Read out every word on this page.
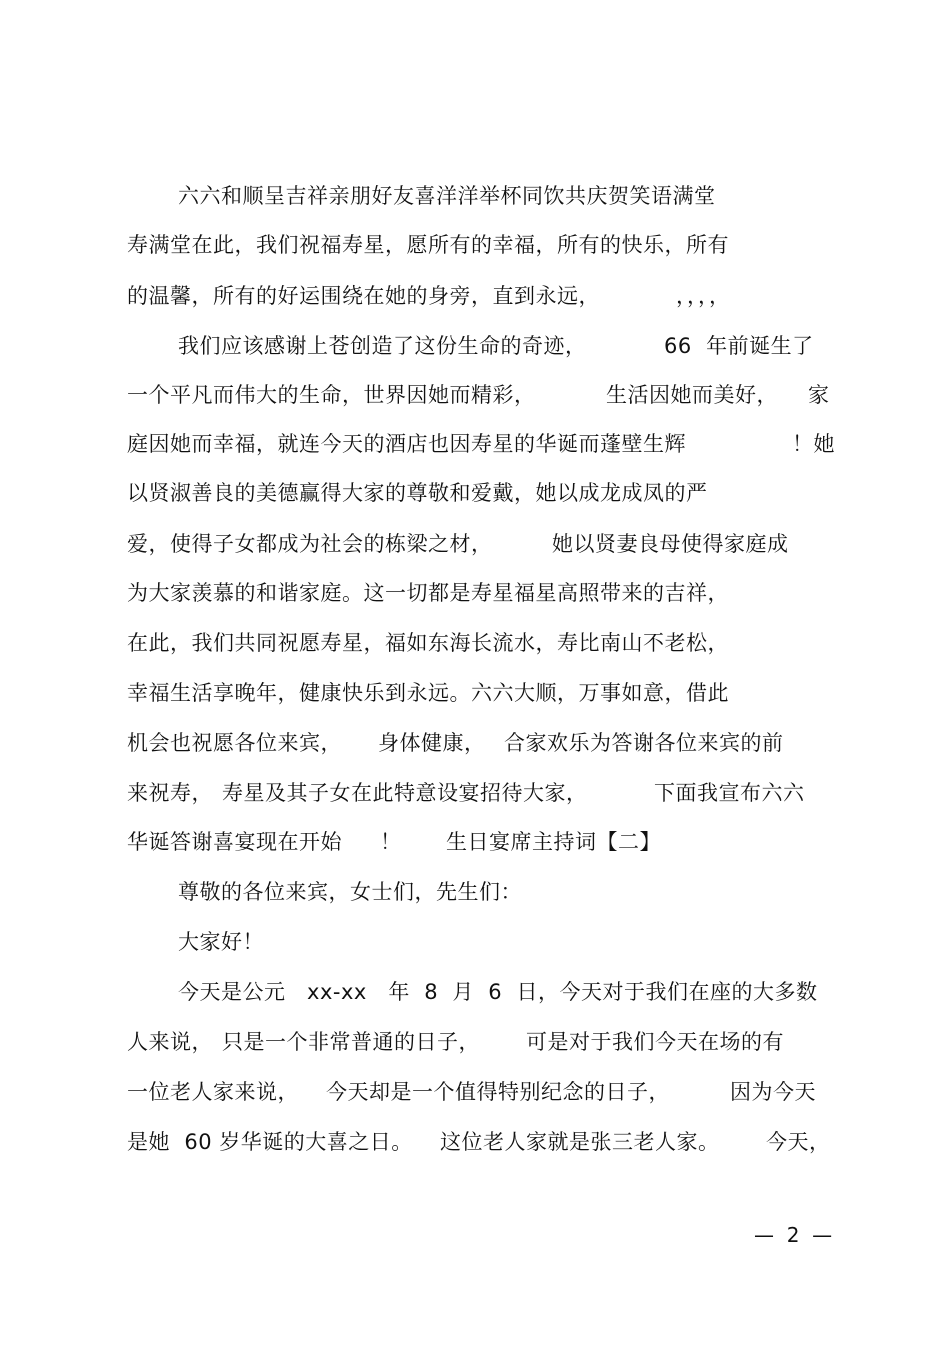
六六和顺呈吉祥亲朋好友喜洋洋举杯同饮共庆贺笑语满堂
寿满堂在此，我们祝福寿星，愿所有的幸福，所有的快乐，所有
的温馨，所有的好运围绕在她的身旁，直到永远，	，，，，
我们应该感谢上苍创造了这份生命的奇迹，	66  年前诞生了
一个平凡而伟大的生命，世界因她而精彩，	生活因她而美好，	家
庭因她而幸福，就连今天的酒店也因寿星的华诞而蓬壁生辉	！她
以贤淑善良的美德赢得大家的尊敬和爱戴，她以成龙成凤的严
爱，使得子女都成为社会的栋梁之材，	她以贤妻良母使得家庭成
为大家羡慕的和谐家庭。这一切都是寿星福星高照带来的吉祥，
在此，我们共同祝愿寿星，福如东海长流水，寿比南山不老松，
幸福生活享晚年，健康快乐到永远。六六大顺，万事如意，借此
机会也祝愿各位来宾，	身体健康， 合家欢乐为答谢各位来宾的前
来祝寿， 寿星及其子女在此特意设宴招待大家，	下面我宣布六六
华诞答谢喜宴现在开始	！	生日宴席主持词【二】
尊敬的各位来宾，女士们，先生们：
大家好！
今天是公元   xx-xx   年  8  月  6  日，今天对于我们在座的大多数
人来说， 只是一个非常普通的日子，	可是对于我们今天在场的有
一位老人家来说，	今天却是一个值得特别纪念的日子，	因为今天
是她  60 岁华诞的大喜之日。	这位老人家就是张三老人家。	今天，
—  2  —
